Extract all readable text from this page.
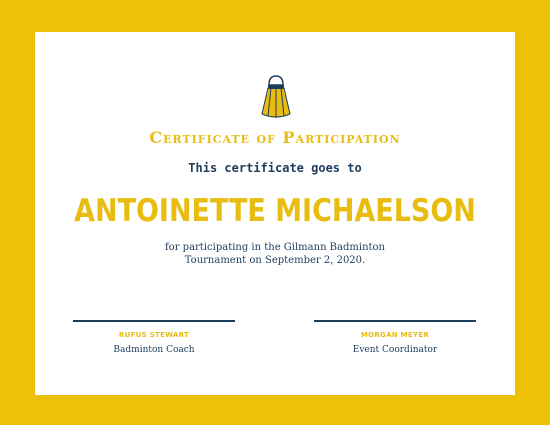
Certificate of Participation
This certificate goes to
ANTOINETTE MICHAELSON
for participating in the Gilmann Badminton
Tournament on September 2, 2020.
RUFUS STEWART
Badminton Coach
MORGAN MEYER
Event Coordinator
